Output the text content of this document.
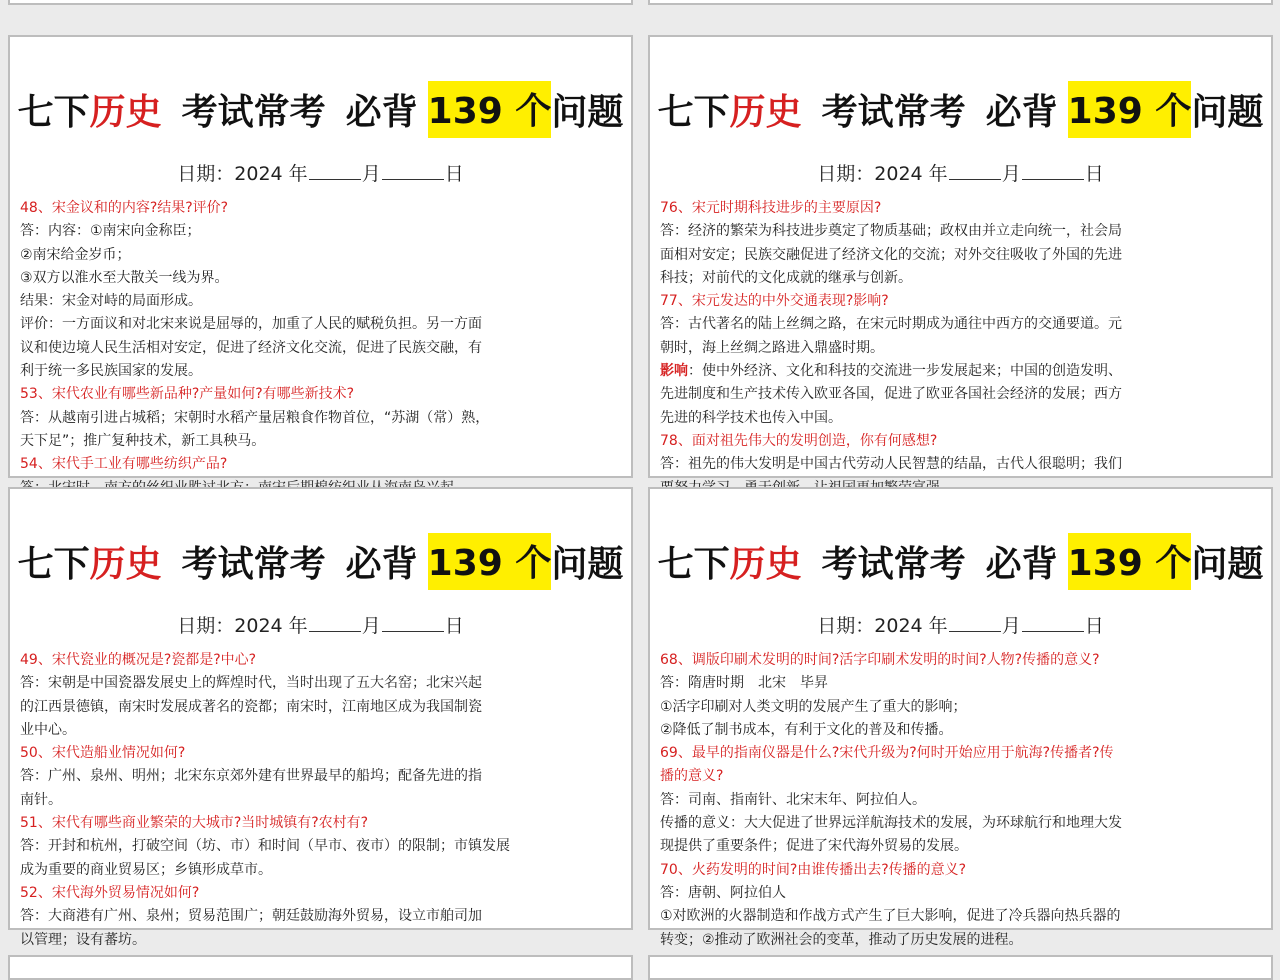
七下 历史 考试常考 必背 139 个 问题
日期：2024 年	月	日
48、宋金议和的内容?结果?评价?
答：内容：①南宋向金称臣；
②南宋给金岁币；
③双方以淮水至大散关一线为界。
结果：宋金对峙的局面形成。
评价：一方面议和对北宋来说是屈辱的，加重了人民的赋税负担。另一方面
议和使边境人民生活相对安定，促进了经济文化交流，促进了民族交融，有
利于统一多民族国家的发展。
53、宋代农业有哪些新品种?产量如何?有哪些新技术?
答：从越南引进占城稻；宋朝时水稻产量居粮食作物首位，“苏湖（常）熟，
天下足”；推广复种技术，新工具秧马。
54、宋代手工业有哪些纺织产品?
七下 历史 考试常考 必背 139 个 问题
日期：2024 年	月	日
76、宋元时期科技进步的主要原因?
答：经济的繁荣为科技进步奠定了物质基础；政权由并立走向统一，社会局
面相对安定；民族交融促进了经济文化的交流；对外交往吸收了外国的先进
科技；对前代的文化成就的继承与创新。
77、宋元发达的中外交通表现?影响?
答：古代著名的陆上丝绸之路，在宋元时期成为通往中西方的交通要道。元
朝时，海上丝绸之路进入鼎盛时期。
影响：使中外经济、文化和科技的交流进一步发展起来；中国的创造发明、
先进制度和生产技术传入欧亚各国，促进了欧亚各国社会经济的发展；西方
先进的科学技术也传入中国。
78、面对祖先伟大的发明创造，你有何感想?
答：祖先的伟大发明是中国古代劳动人民智慧的结晶，古代人很聪明；我们
七下 历史 考试常考 必背 139 个 问题
日期：2024 年	月	日
49、宋代瓷业的概况是?瓷都是?中心?
答：宋朝是中国瓷器发展史上的辉煌时代，当时出现了五大名窑；北宋兴起
的江西景德镇，南宋时发展成著名的瓷都；南宋时，江南地区成为我国制瓷
业中心。
50、宋代造船业情况如何?
答：广州、泉州、明州；北宋东京郊外建有世界最早的船坞；配备先进的指
南针。
51、宋代有哪些商业繁荣的大城市?当时城镇有?农村有?
答：开封和杭州，打破空间（坊、市）和时间（早市、夜市）的限制；市镇发展
成为重要的商业贸易区；乡镇形成草市。
52、宋代海外贸易情况如何?
答：大商港有广州、泉州；贸易范围广；朝廷鼓励海外贸易，设立市舶司加
以管理；设有蕃坊。
七下 历史 考试常考 必背 139 个 问题
日期：2024 年	月	日
68、调版印刷术发明的时间?活字印刷术发明的时间?人物?传播的意义?
答：隋唐时期　北宋　毕昇
①活字印刷对人类文明的发展产生了重大的影响；
②降低了制书成本，有利于文化的普及和传播。
69、最早的指南仪器是什么?宋代升级为?何时开始应用于航海?传播者?传
播的意义?
答：司南、指南针、北宋末年、阿拉伯人。
传播的意义：大大促进了世界远洋航海技术的发展，为环球航行和地理大发
现提供了重要条件；促进了宋代海外贸易的发展。
70、火药发明的时间?由谁传播出去?传播的意义?
答：唐朝、阿拉伯人
①对欧洲的火器制造和作战方式产生了巨大影响，促进了冷兵器向热兵器的
转变；②推动了欧洲社会的变革，推动了历史发展的进程。
